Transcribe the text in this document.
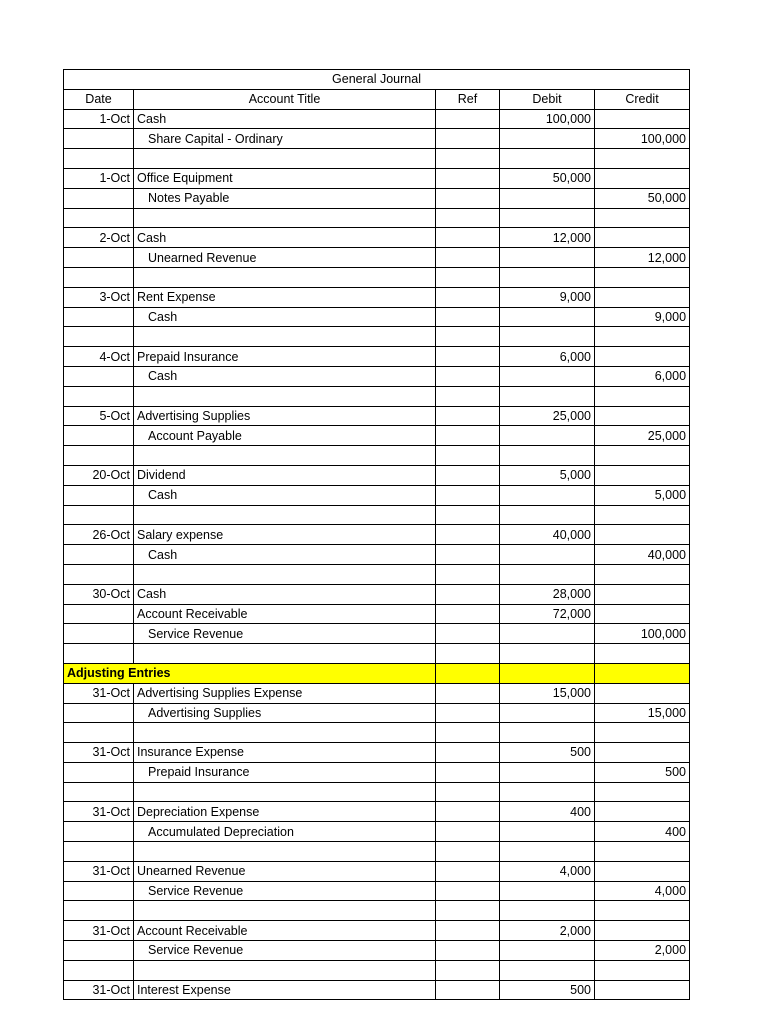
General Journal				
Date	Account Title	Ref	Debit	Credit
1-Oct	Cash		100,000	
	Share Capital - Ordinary			100,000

1-Oct	Office Equipment		50,000	
	Notes Payable			50,000

2-Oct	Cash		12,000	
	Unearned Revenue			12,000

3-Oct	Rent Expense		9,000	
	Cash			9,000

4-Oct	Prepaid Insurance		6,000	
	Cash			6,000

5-Oct	Advertising Supplies		25,000	
	Account Payable			25,000

20-Oct	Dividend		5,000	
	Cash			5,000

26-Oct	Salary expense		40,000	
	Cash			40,000

30-Oct	Cash		28,000	
	Account Receivable		72,000	
	Service Revenue			100,000

Adjusting Entries				
31-Oct	Advertising Supplies Expense		15,000	
	Advertising Supplies			15,000

31-Oct	Insurance Expense		500	
	Prepaid Insurance			500

31-Oct	Depreciation Expense		400	
	Accumulated Depreciation			400

31-Oct	Unearned Revenue		4,000	
	Service Revenue			4,000

31-Oct	Account Receivable		2,000	
	Service Revenue			2,000

31-Oct	Interest Expense		500	
